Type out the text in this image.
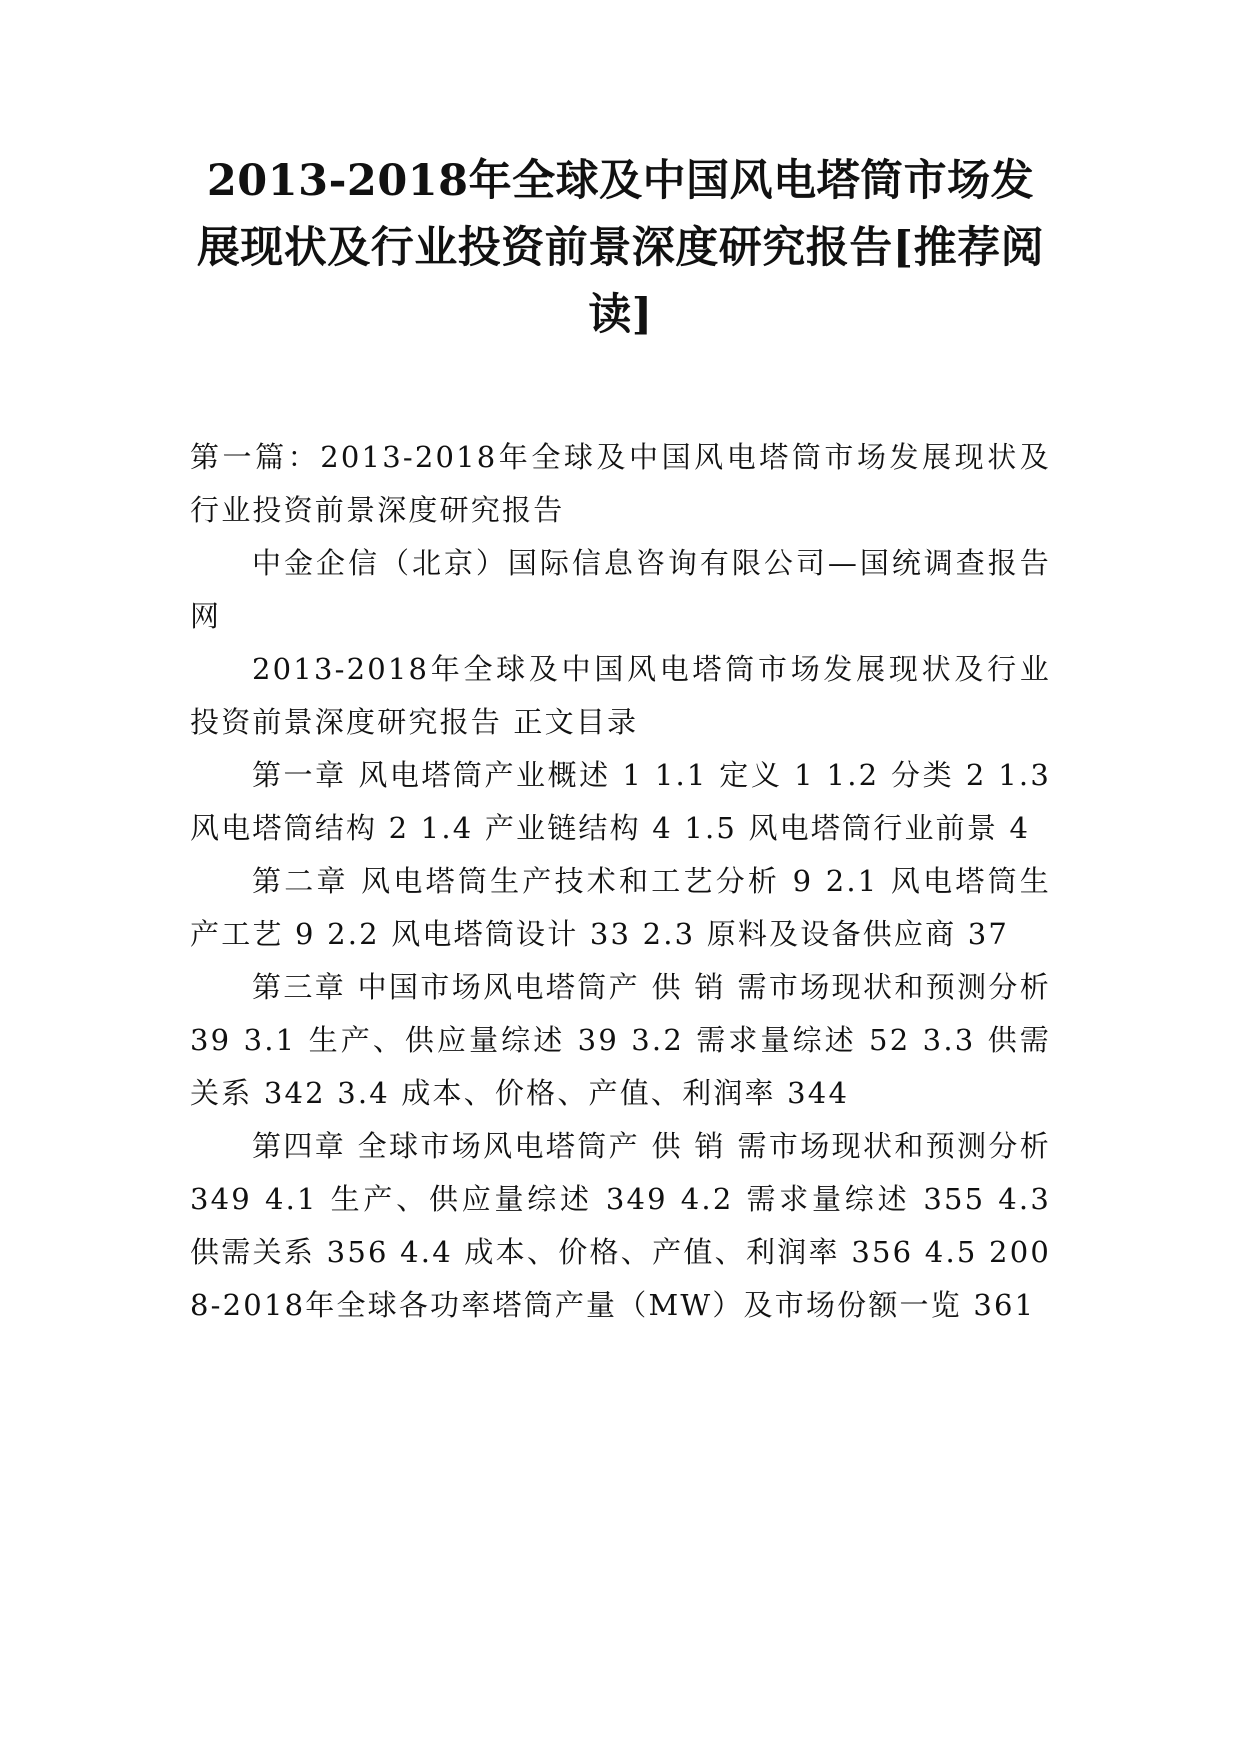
2013-2018年全球及中国风电塔筒市场发展现状及行业投资前景深度研究报告[推荐阅读]

第一篇：2013-2018年全球及中国风电塔筒市场发展现状及行业投资前景深度研究报告

中金企信（北京）国际信息咨询有限公司—国统调查报告网

2013-2018年全球及中国风电塔筒市场发展现状及行业投资前景深度研究报告 正文目录

第一章 风电塔筒产业概述 1 1.1 定义 1 1.2 分类 2 1.3 风电塔筒结构 2 1.4 产业链结构 4 1.5 风电塔筒行业前景 4

第二章 风电塔筒生产技术和工艺分析 9 2.1 风电塔筒生产工艺 9 2.2 风电塔筒设计 33 2.3 原料及设备供应商 37

第三章 中国市场风电塔筒产 供 销 需市场现状和预测分析 39 3.1 生产、供应量综述 39 3.2 需求量综述 52 3.3 供需关系 342 3.4 成本、价格、产值、利润率 344

第四章 全球市场风电塔筒产 供 销 需市场现状和预测分析 349 4.1 生产、供应量综述 349 4.2 需求量综述 355 4.3 供需关系 356 4.4 成本、价格、产值、利润率 356 4.5 2008-2018年全球各功率塔筒产量（MW）及市场份额一览 361
